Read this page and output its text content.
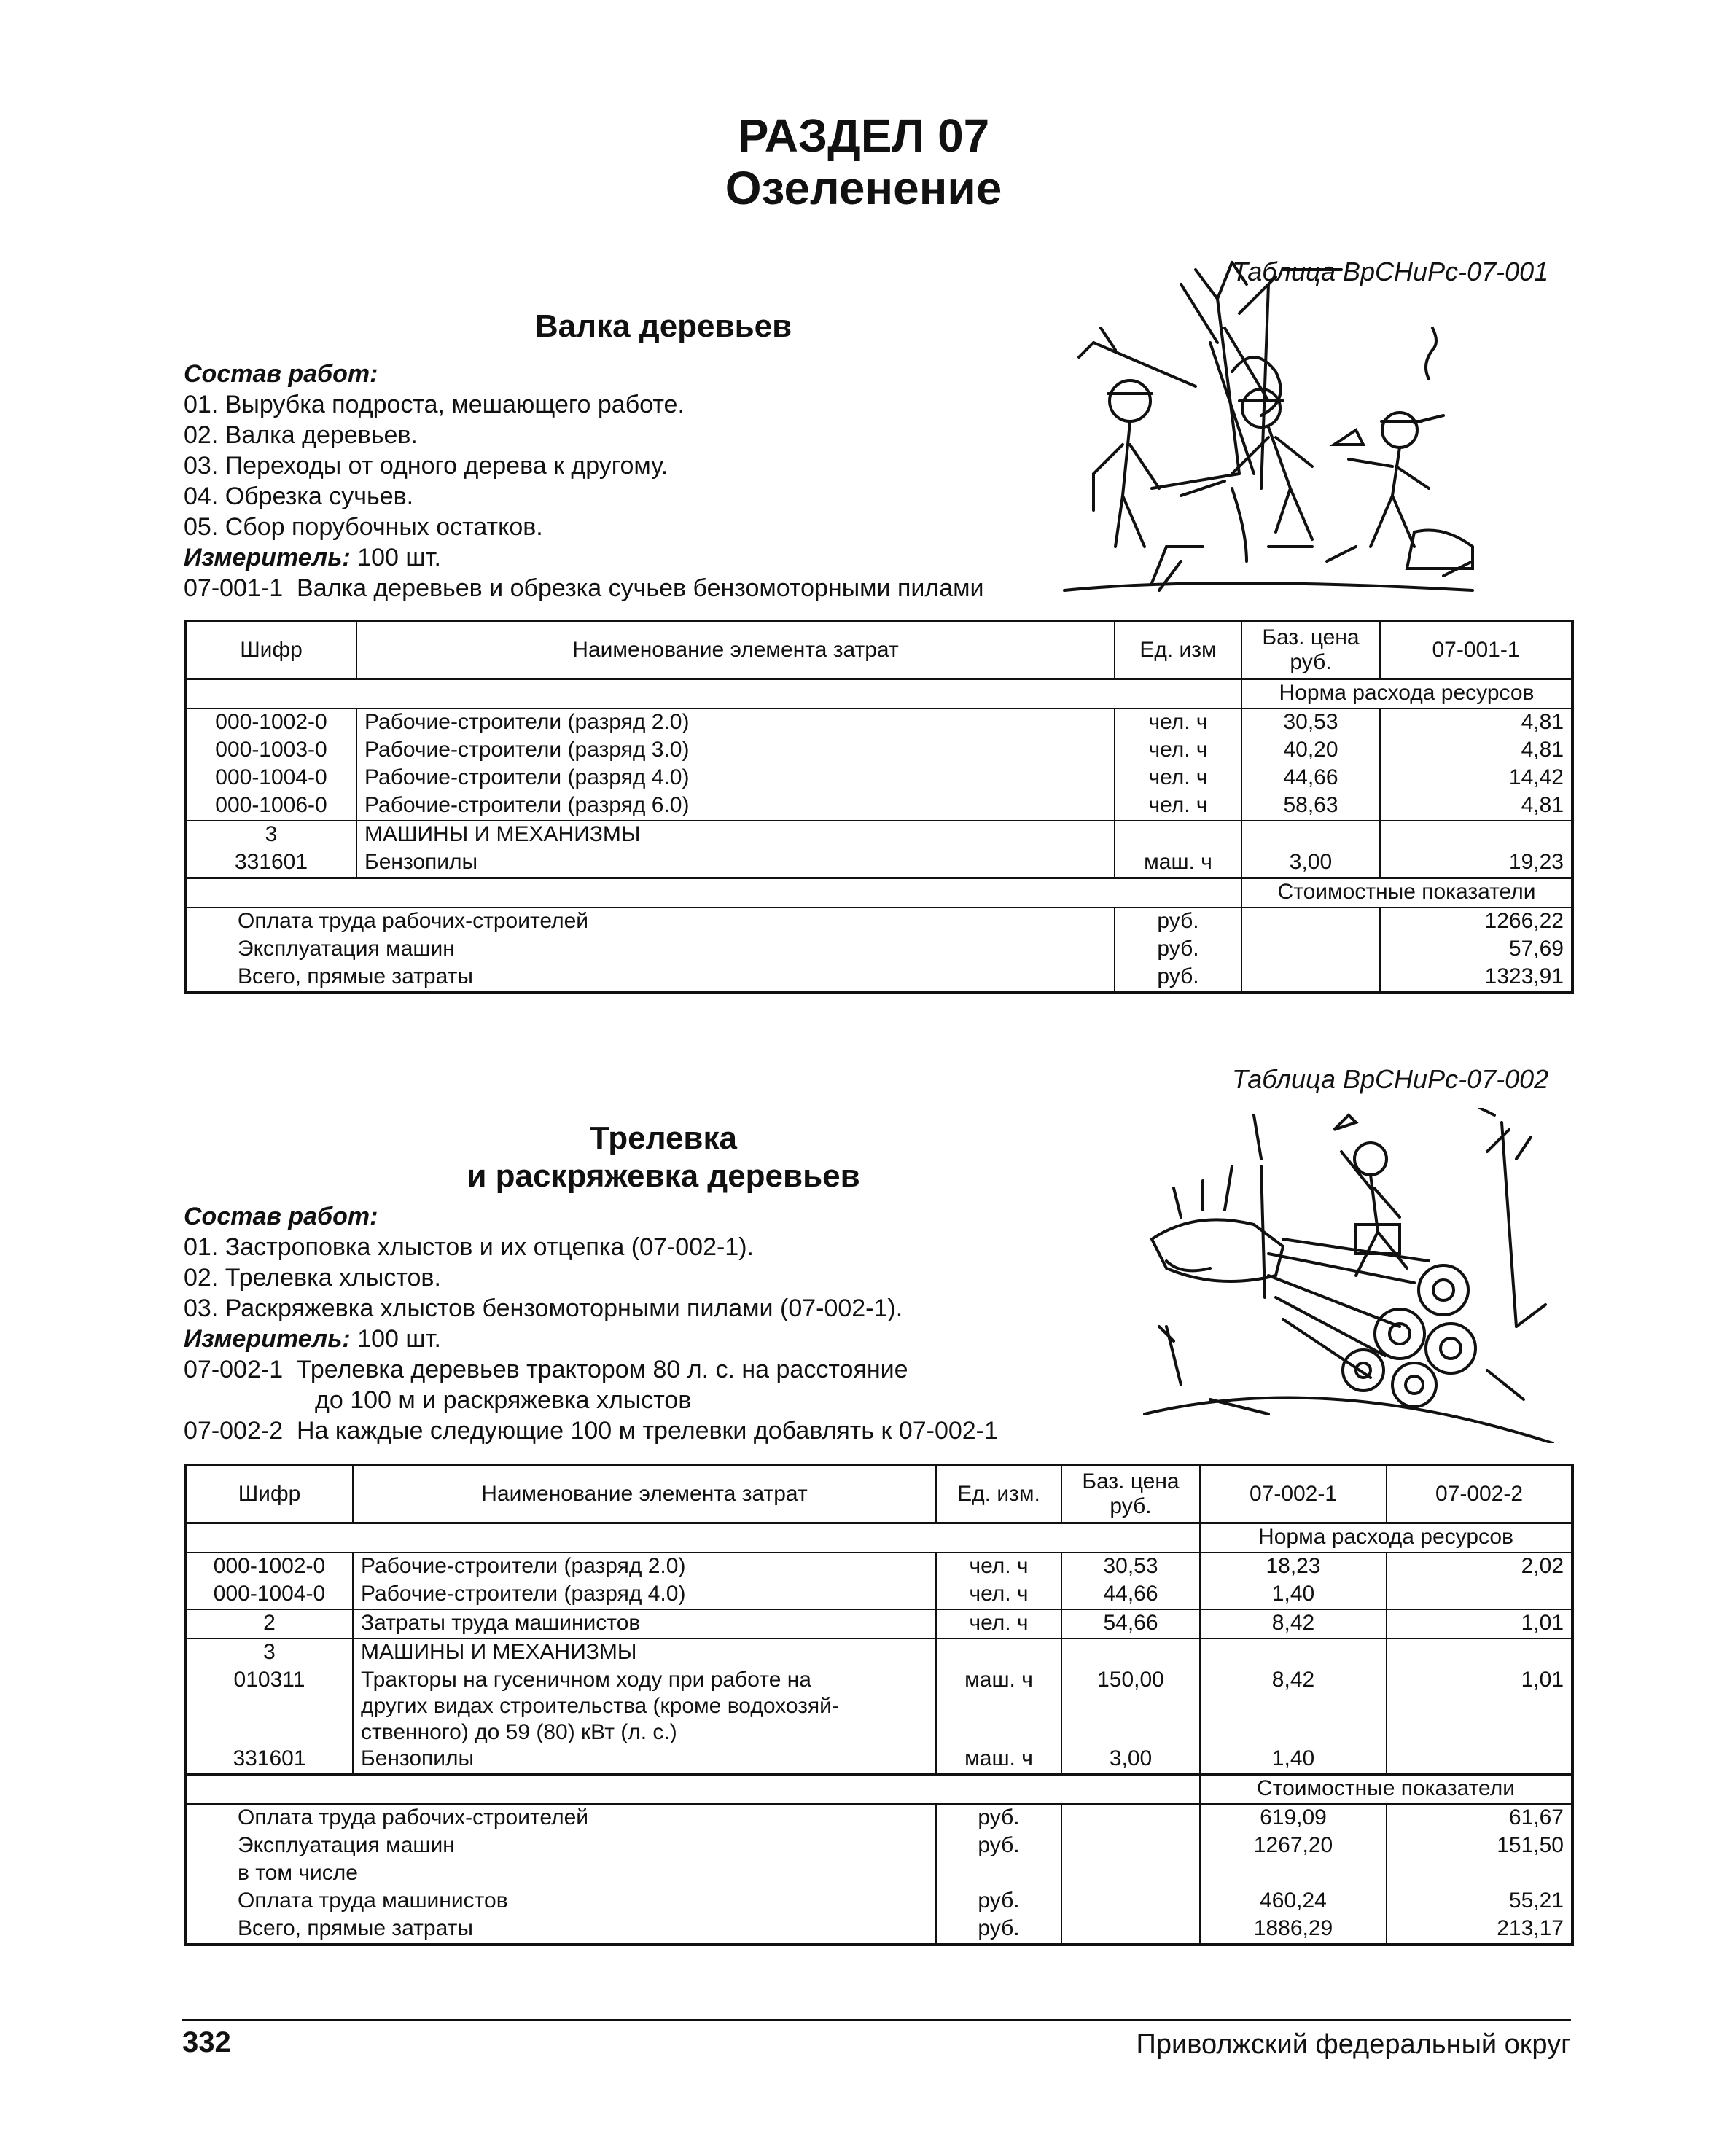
РАЗДЕЛ 07
Озеленение
Таблица ВрСНиРс-07-001
Валка деревьев
Состав работ:
01. Вырубка подроста, мешающего работе.
02. Валка деревьев.
03. Переходы от одного дерева к другому.
04. Обрезка сучьев.
05. Сбор порубочных остатков.
Измеритель: 100 шт.
07-001-1 Валка деревьев и обрезка сучьев бензомоторными пилами
Шифр	Наименование элемента затрат	Ед. изм	Баз. цена руб.	07-001-1
			Норма расхода ресурсов	
000-1002-0	Рабочие-строители (разряд 2.0)	чел. ч	30,53	4,81
000-1003-0	Рабочие-строители (разряд 3.0)	чел. ч	40,20	4,81
000-1004-0	Рабочие-строители (разряд 4.0)	чел. ч	44,66	14,42
000-1006-0	Рабочие-строители (разряд 6.0)	чел. ч	58,63	4,81
3	МАШИНЫ И МЕХАНИЗМЫ			
331601	Бензопилы	маш. ч	3,00	19,23
			Стоимостные показатели	
Оплата труда рабочих-строителей		руб.		1266,22
Эксплуатация машин		руб.		57,69
Всего, прямые затраты		руб.		1323,91
Таблица ВрСНиРс-07-002
Трелевка
и раскряжевка деревьев
Состав работ:
01. Застроповка хлыстов и их отцепка (07-002-1).
02. Трелевка хлыстов.
03. Раскряжевка хлыстов бензомоторными пилами (07-002-1).
Измеритель: 100 шт.
07-002-1 Трелевка деревьев трактором 80 л. с. на расстояние
до 100 м и раскряжевка хлыстов
07-002-2 На каждые следующие 100 м трелевки добавлять к 07-002-1
Шифр	Наименование элемента затрат	Ед. изм.	Баз. цена руб.	07-002-1	07-002-2
				Норма расхода ресурсов	
000-1002-0	Рабочие-строители (разряд 2.0)	чел. ч	30,53	18,23	2,02
000-1004-0	Рабочие-строители (разряд 4.0)	чел. ч	44,66	1,40	
2	Затраты труда машинистов	чел. ч	54,66	8,42	1,01
3	МАШИНЫ И МЕХАНИЗМЫ				
010311	Тракторы на гусеничном ходу при работе на
других видах строительства (кроме водохозяй-
ственного) до 59 (80) кВт (л. с.)	маш. ч	150,00	8,42	1,01
331601	Бензопилы	маш. ч	3,00	1,40	
				Стоимостные показатели	
Оплата труда рабочих-строителей		руб.		619,09	61,67
Эксплуатация машин		руб.		1267,20	151,50
в том числе					
Оплата труда машинистов		руб.		460,24	55,21
Всего, прямые затраты		руб.		1886,29	213,17
332	Приволжский федеральный округ
